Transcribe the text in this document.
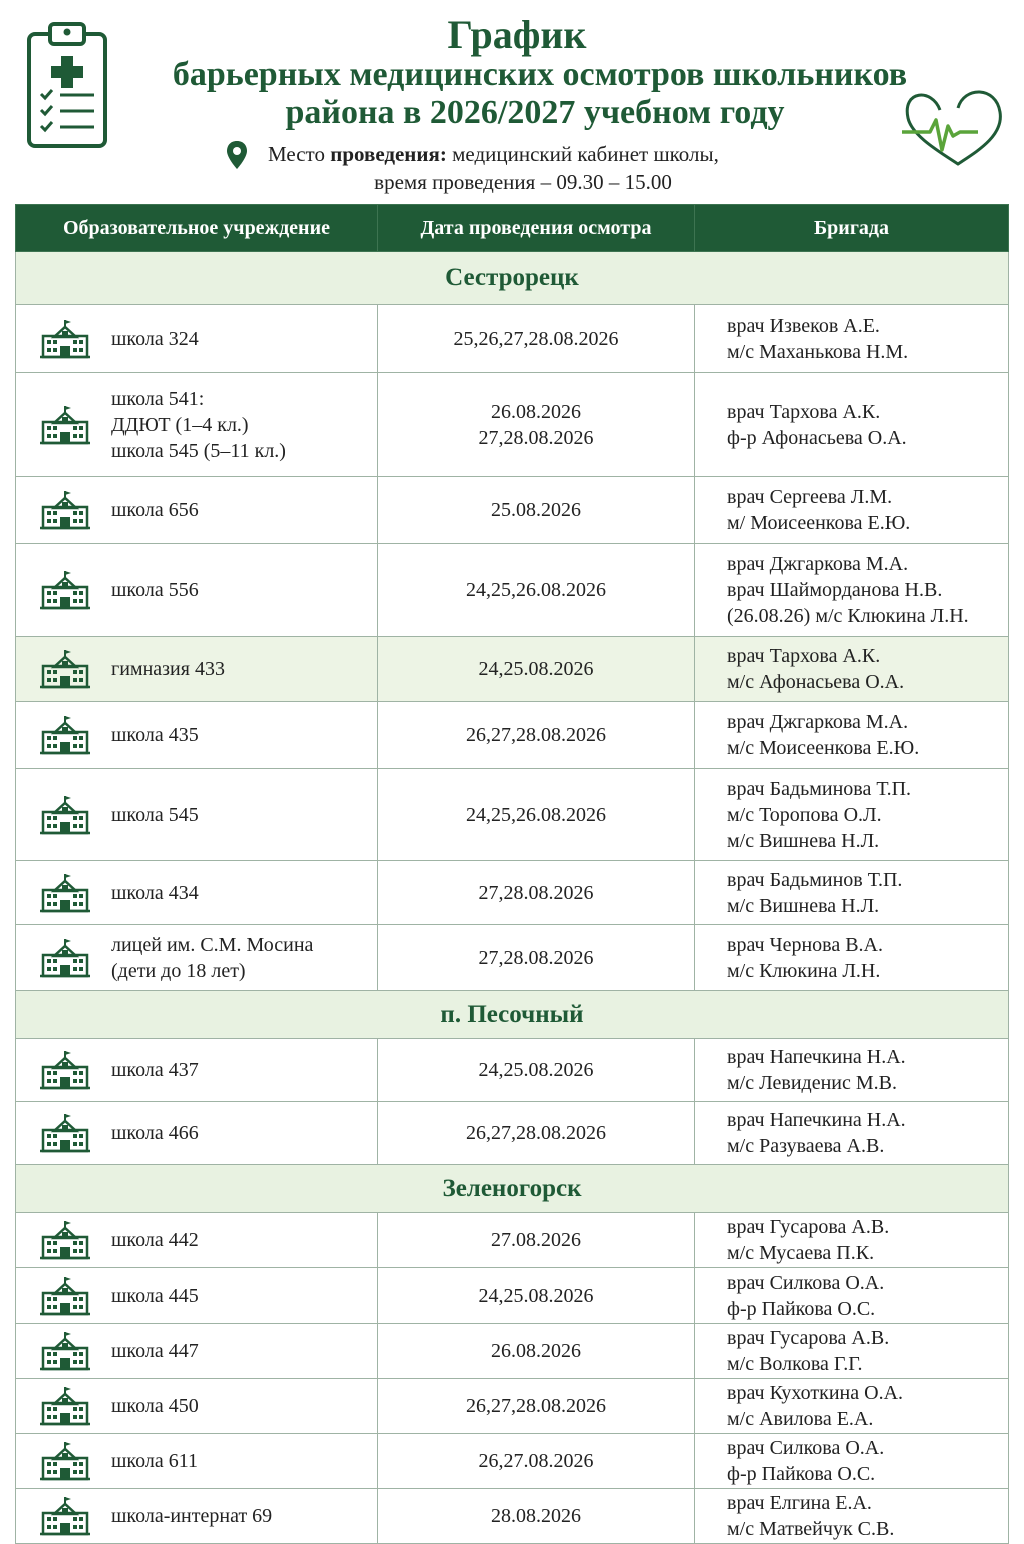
График
барьерных медицинских осмотров школьников
района в 2026/2027 учебном году
Место проведения: медицинский кабинет школы,
время проведения – 09.30 – 15.00
Образовательное учреждение	Дата проведения осмотра	Бригада
Сестрорецк		

школа 324	25,26,27,28.08.2026	врач Извеков А.Е.
м/с Маханькова Н.М.

школа 541:
ДДЮТ (1–4 кл.)
школа 545 (5–11 кл.)	26.08.2026
27,28.08.2026	врач Тархова А.К.
ф-р Афонасьева О.А.

школа 656	25.08.2026	врач Сергеева Л.М.
м/ Моисеенкова Е.Ю.

школа 556	24,25,26.08.2026	врач Джгаркова М.А.
врач Шайморданова Н.В.
(26.08.26) м/с Клюкина Л.Н.

гимназия 433	24,25.08.2026	врач Тархова А.К.
м/с Афонасьева О.А.

школа 435	26,27,28.08.2026	врач Джгаркова М.А.
м/с Моисеенкова Е.Ю.

школа 545	24,25,26.08.2026	врач Бадьминова Т.П.
м/с Торопова О.Л.
м/с Вишнева Н.Л.

школа 434	27,28.08.2026	врач Бадьминов Т.П.
м/с Вишнева Н.Л.

лицей им. С.М. Мосина
(дети до 18 лет)	27,28.08.2026	врач Чернова В.А.
м/с Клюкина Л.Н.

п. Песочный		

школа 437	24,25.08.2026	врач Напечкина Н.А.
м/с Левиденис М.В.

школа 466	26,27,28.08.2026	врач Напечкина Н.А.
м/с Разуваева А.В.

Зеленогорск		

школа 442	27.08.2026	врач Гусарова А.В.
м/с Мусаева П.К.

школа 445	24,25.08.2026	врач Силкова О.А.
ф-р Пайкова О.С.

школа 447	26.08.2026	врач Гусарова А.В.
м/с Волкова Г.Г.

школа 450	26,27,28.08.2026	врач Кухоткина О.А.
м/с Авилова Е.А.

школа 611	26,27.08.2026	врач Силкова О.А.
ф-р Пайкова О.С.

школа-интернат 69	28.08.2026	врач Елгина Е.А.
м/с Матвейчук С.В.
